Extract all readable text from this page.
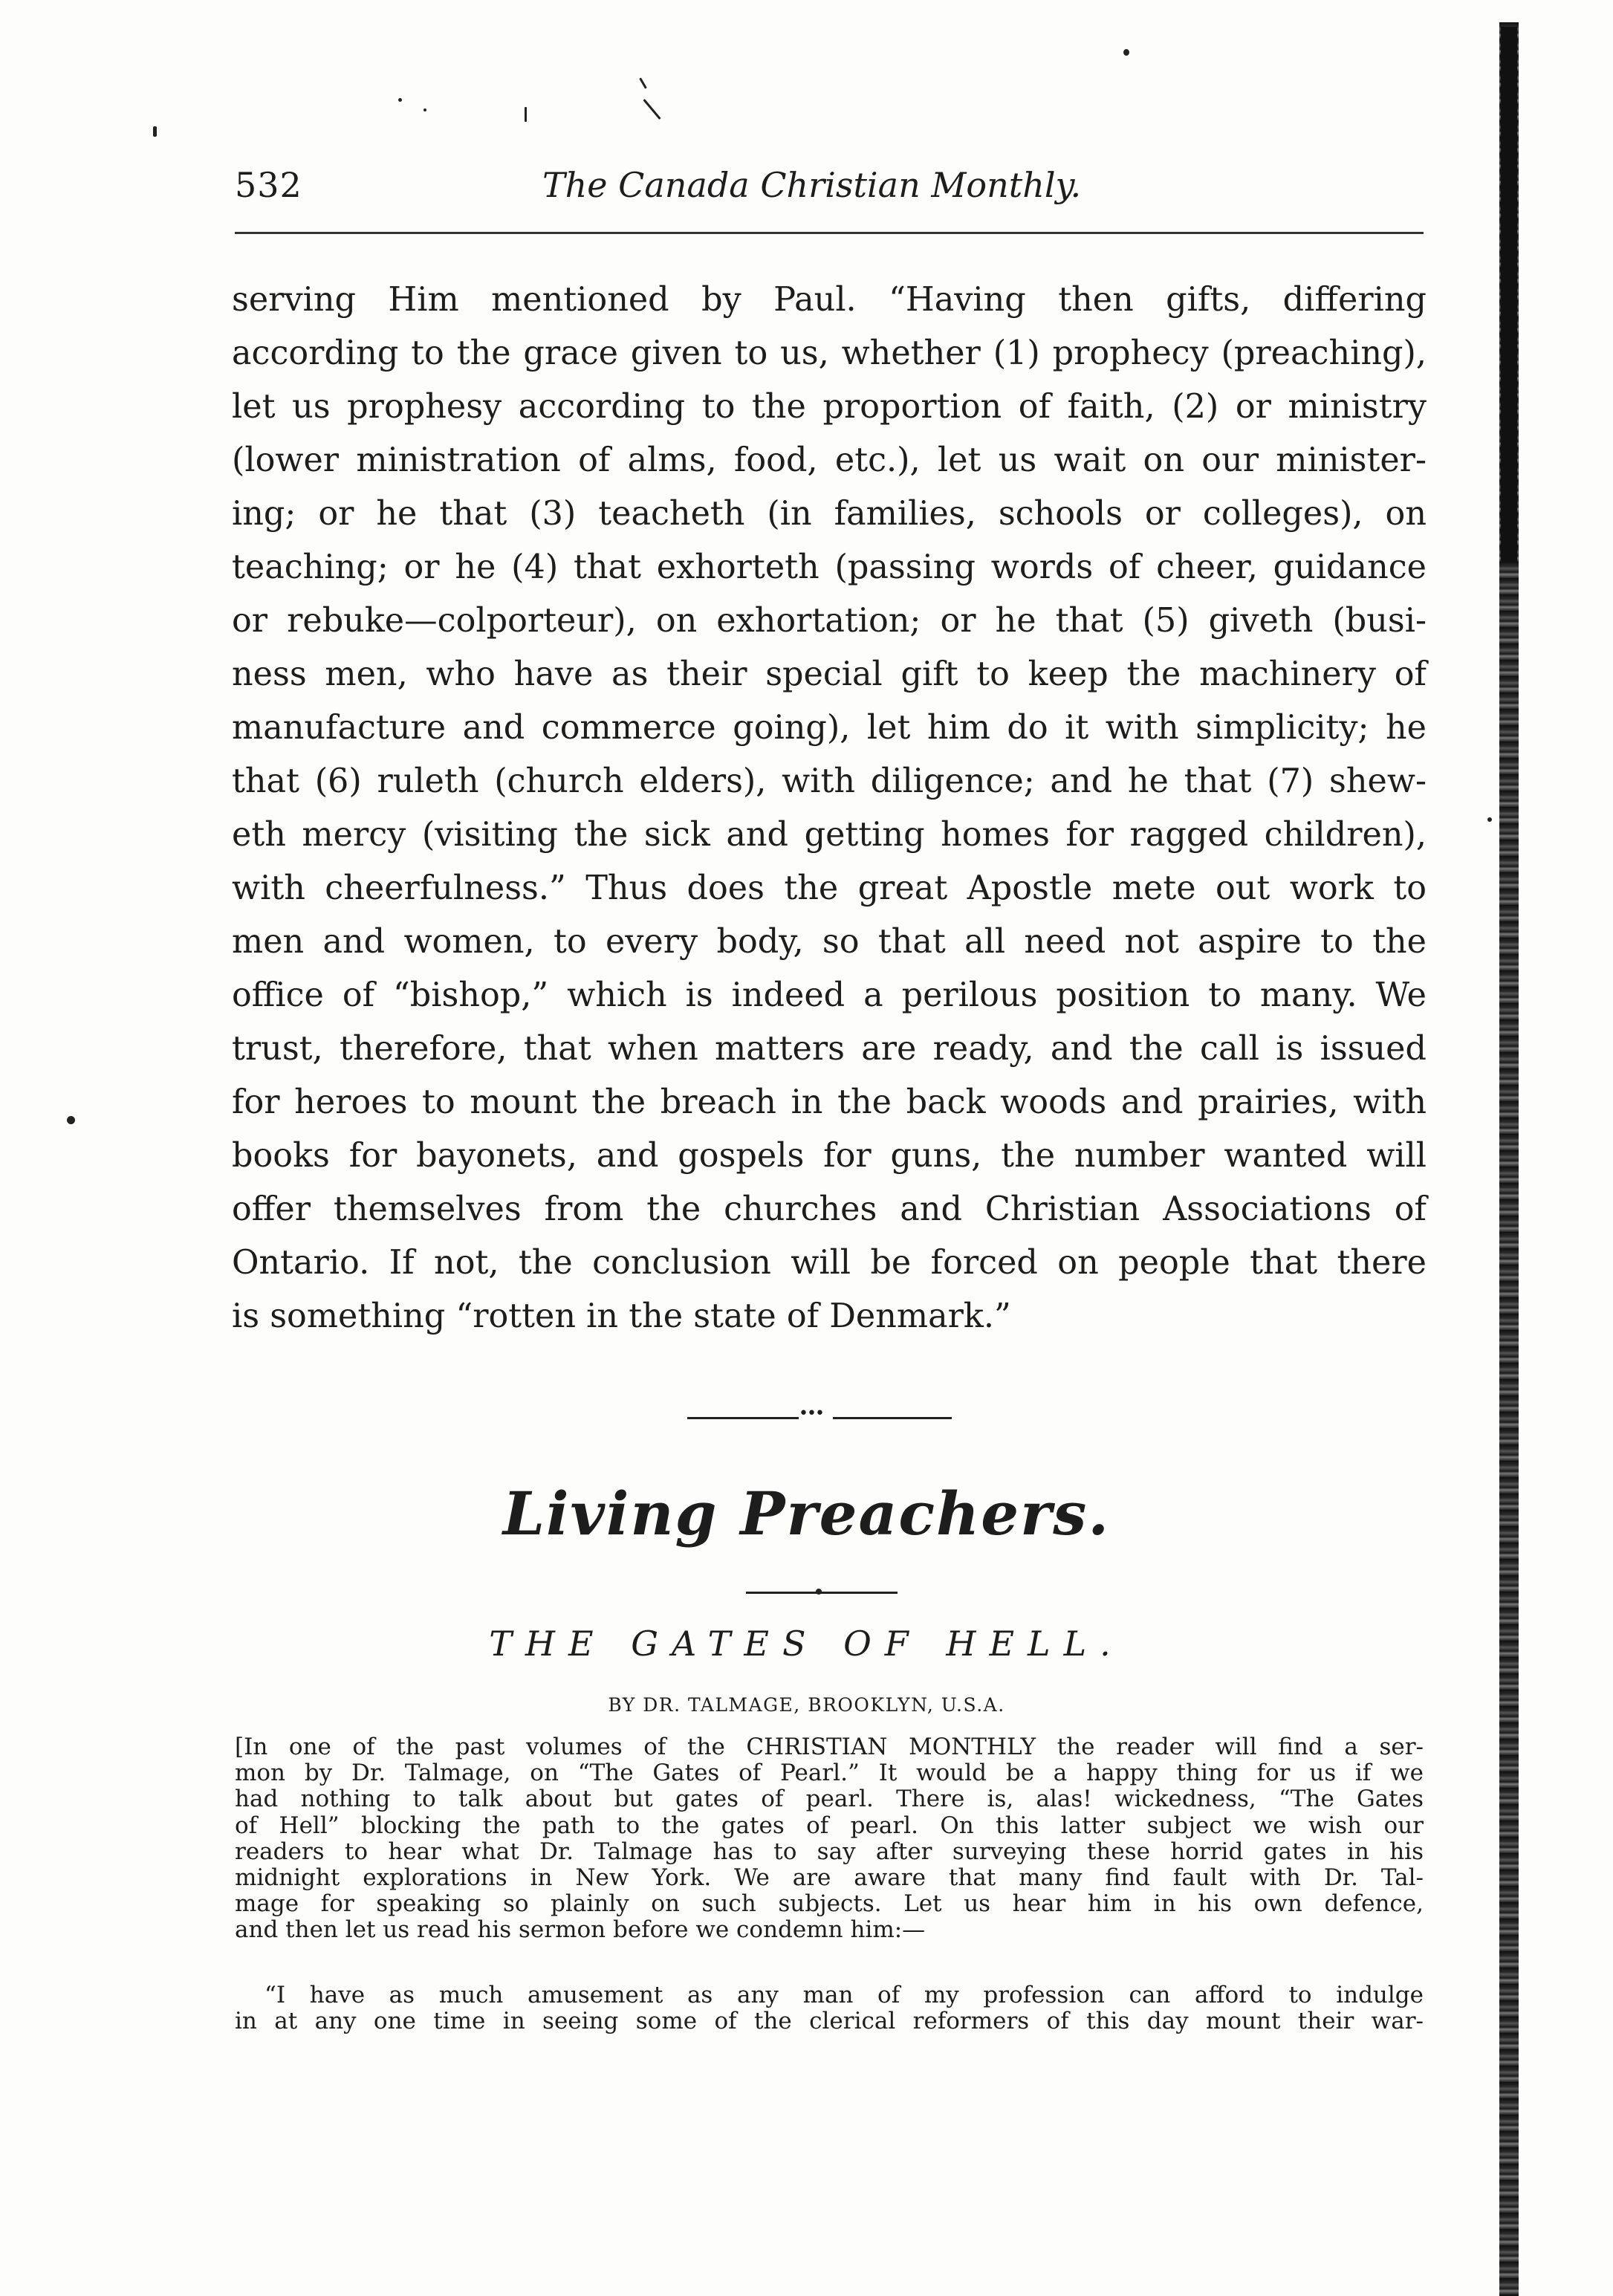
532	The Canada Christian Monthly.
serving Him mentioned by Paul. “Having then gifts, differing
according to the grace given to us, whether (1) prophecy (preaching),
let us prophesy according to the proportion of faith, (2) or ministry
(lower ministration of alms, food, etc.), let us wait on our minister-
ing; or he that (3) teacheth (in families, schools or colleges), on
teaching; or he (4) that exhorteth (passing words of cheer, guidance
or rebuke—colporteur), on exhortation; or he that (5) giveth (busi-
ness men, who have as their special gift to keep the machinery of
manufacture and commerce going), let him do it with simplicity; he
that (6) ruleth (church elders), with diligence; and he that (7) shew-
eth mercy (visiting the sick and getting homes for ragged children),
with cheerfulness.” Thus does the great Apostle mete out work to
men and women, to every body, so that all need not aspire to the
office of “bishop,” which is indeed a perilous position to many. We
trust, therefore, that when matters are ready, and the call is issued
for heroes to mount the breach in the back woods and prairies, with
books for bayonets, and gospels for guns, the number wanted will
offer themselves from the churches and Christian Associations of
Ontario. If not, the conclusion will be forced on people that there
is something “rotten in the state of Denmark.”
•••
Living Preachers.
THE GATES OF HELL.
BY DR. TALMAGE, BROOKLYN, U.S.A.
[In one of the past volumes of the CHRISTIAN MONTHLY the reader will find a ser-
mon by Dr. Talmage, on “The Gates of Pearl.” It would be a happy thing for us if we
had nothing to talk about but gates of pearl. There is, alas! wickedness, “The Gates
of Hell” blocking the path to the gates of pearl. On this latter subject we wish our
readers to hear what Dr. Talmage has to say after surveying these horrid gates in his
midnight explorations in New York. We are aware that many find fault with Dr. Tal-
mage for speaking so plainly on such subjects. Let us hear him in his own defence,
and then let us read his sermon before we condemn him:—
“I have as much amusement as any man of my profession can afford to indulge
in at any one time in seeing some of the clerical reformers of this day mount their war-
